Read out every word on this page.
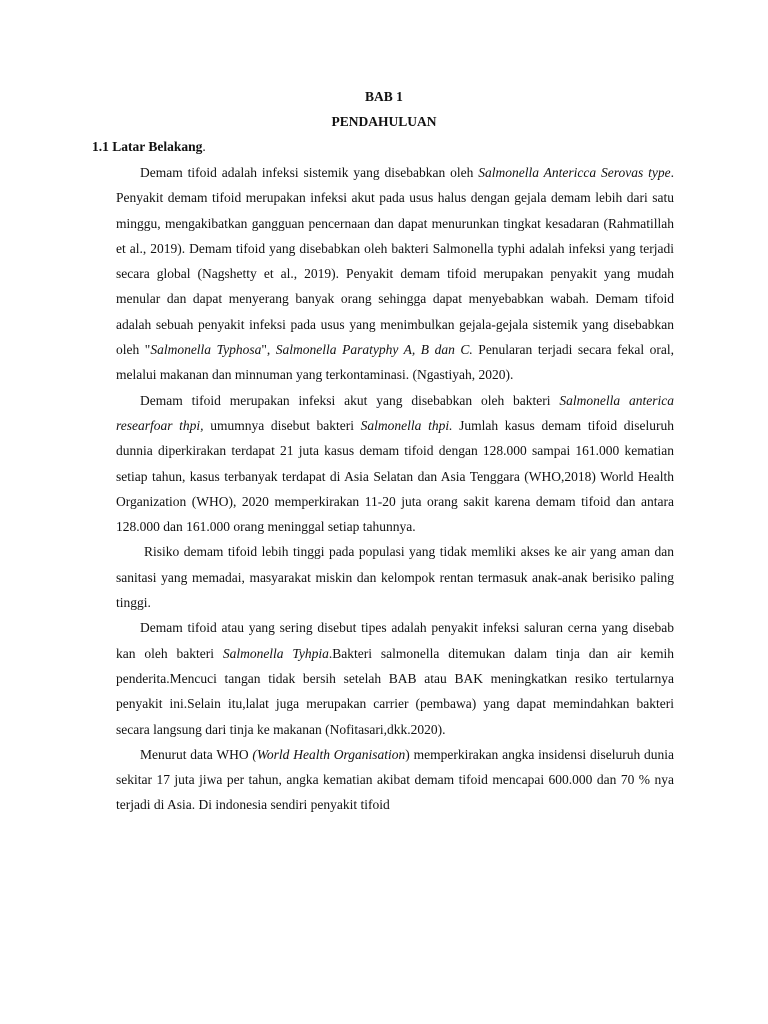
BAB 1
PENDAHULUAN
1.1 Latar Belakang.

Demam tifoid adalah infeksi sistemik yang disebabkan oleh Salmonella Antericca Serovas type. Penyakit demam tifoid merupakan infeksi akut pada usus halus dengan gejala demam lebih dari satu minggu, mengakibatkan gangguan pencernaan dan dapat menurunkan tingkat kesadaran (Rahmatillah et al., 2019). Demam tifoid yang disebabkan oleh bakteri Salmonella typhi adalah infeksi yang terjadi secara global (Nagshetty et al., 2019). Penyakit demam tifoid merupakan penyakit yang mudah menular dan dapat menyerang banyak orang sehingga dapat menyebabkan wabah. Demam tifoid adalah sebuah penyakit infeksi pada usus yang menimbulkan gejala-gejala sistemik yang disebabkan oleh "Salmonella Typhosa", Salmonella Paratyphy A, B dan C. Penularan terjadi secara fekal oral, melalui makanan dan minnuman yang terkontaminasi. (Ngastiyah, 2020).

Demam tifoid merupakan infeksi akut yang disebabkan oleh bakteri Salmonella anterica researfoar thpi, umumnya disebut bakteri Salmonella thpi. Jumlah kasus demam tifoid diseluruh dunnia diperkirakan terdapat 21 juta kasus demam tifoid dengan 128.000 sampai 161.000 kematian setiap tahun, kasus terbanyak terdapat di Asia Selatan dan Asia Tenggara (WHO,2018) World Health Organization (WHO), 2020 memperkirakan 11-20 juta orang sakit karena demam tifoid dan antara 128.000 dan 161.000 orang meninggal setiap tahunnya.

Risiko demam tifoid lebih tinggi pada populasi yang tidak memliki akses ke air yang aman dan sanitasi yang memadai, masyarakat miskin dan kelompok rentan termasuk anak-anak berisiko paling tinggi.

Demam tifoid atau yang sering disebut tipes adalah penyakit infeksi saluran cerna yang disebab kan oleh bakteri Salmonella Tyhpia.Bakteri salmonella ditemukan dalam tinja dan air kemih penderita.Mencuci tangan tidak bersih setelah BAB atau BAK meningkatkan resiko tertularnya penyakit ini.Selain itu,lalat juga merupakan carrier (pembawa) yang dapat memindahkan bakteri secara langsung dari tinja ke makanan (Nofitasari,dkk.2020).

Menurut data WHO (World Health Organisation) memperkirakan angka insidensi diseluruh dunia sekitar 17 juta jiwa per tahun, angka kematian akibat demam tifoid mencapai 600.000 dan 70 % nya terjadi di Asia. Di indonesia sendiri penyakit tifoid
